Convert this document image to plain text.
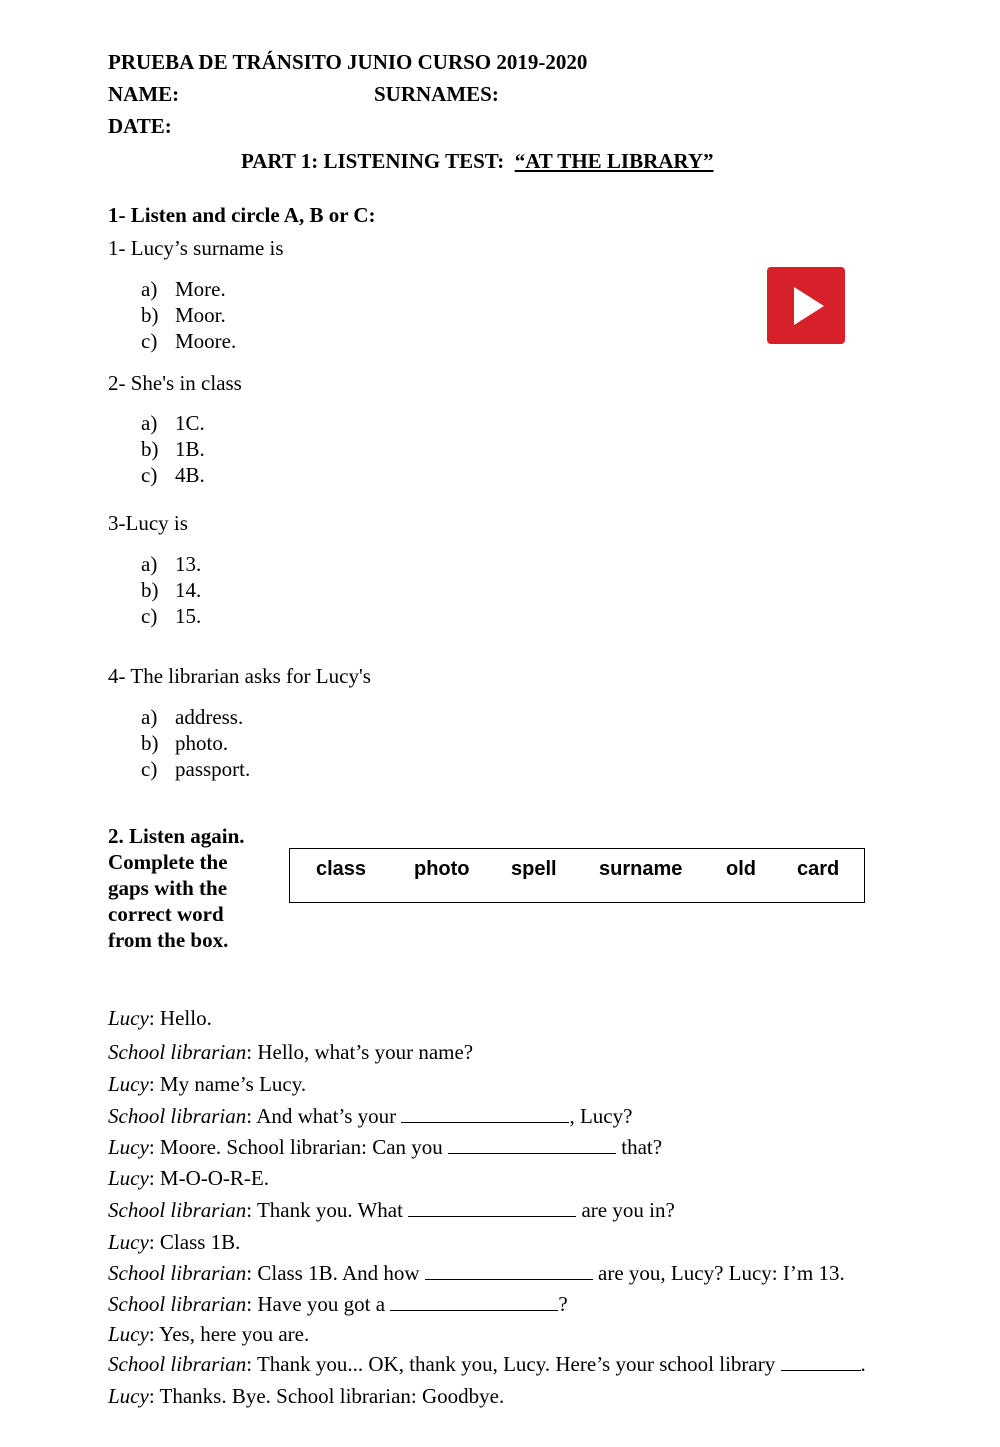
PRUEBA DE TRÁNSITO JUNIO CURSO 2019-2020
NAME:	SURNAMES:
DATE:
PART 1: LISTENING TEST: “AT THE LIBRARY”
1- Listen and circle A, B or C:
1- Lucy’s surname is
a) More.
b) Moor.
c) Moore.
2- She's in class
a) 1C.
b) 1B.
c) 4B.
3-Lucy is
a) 13.
b) 14.
c) 15.
4- The librarian asks for Lucy's
a) address.
b) photo.
c) passport.
2. Listen again.
Complete the
gaps with the
correct word
from the box.
class photo spell surname old card
Lucy: Hello.
School librarian: Hello, what’s your name?
Lucy: My name’s Lucy.
School librarian: And what’s your	, Lucy?
Lucy: Moore. School librarian: Can you	that?
Lucy: M-O-O-R-E.
School librarian: Thank you. What	are you in?
Lucy: Class 1B.
School librarian: Class 1B. And how	are you, Lucy? Lucy: I’m 13.
School librarian: Have you got a	?
Lucy: Yes, here you are.
School librarian: Thank you... OK, thank you, Lucy. Here’s your school library	.
Lucy: Thanks. Bye. School librarian: Goodbye.
